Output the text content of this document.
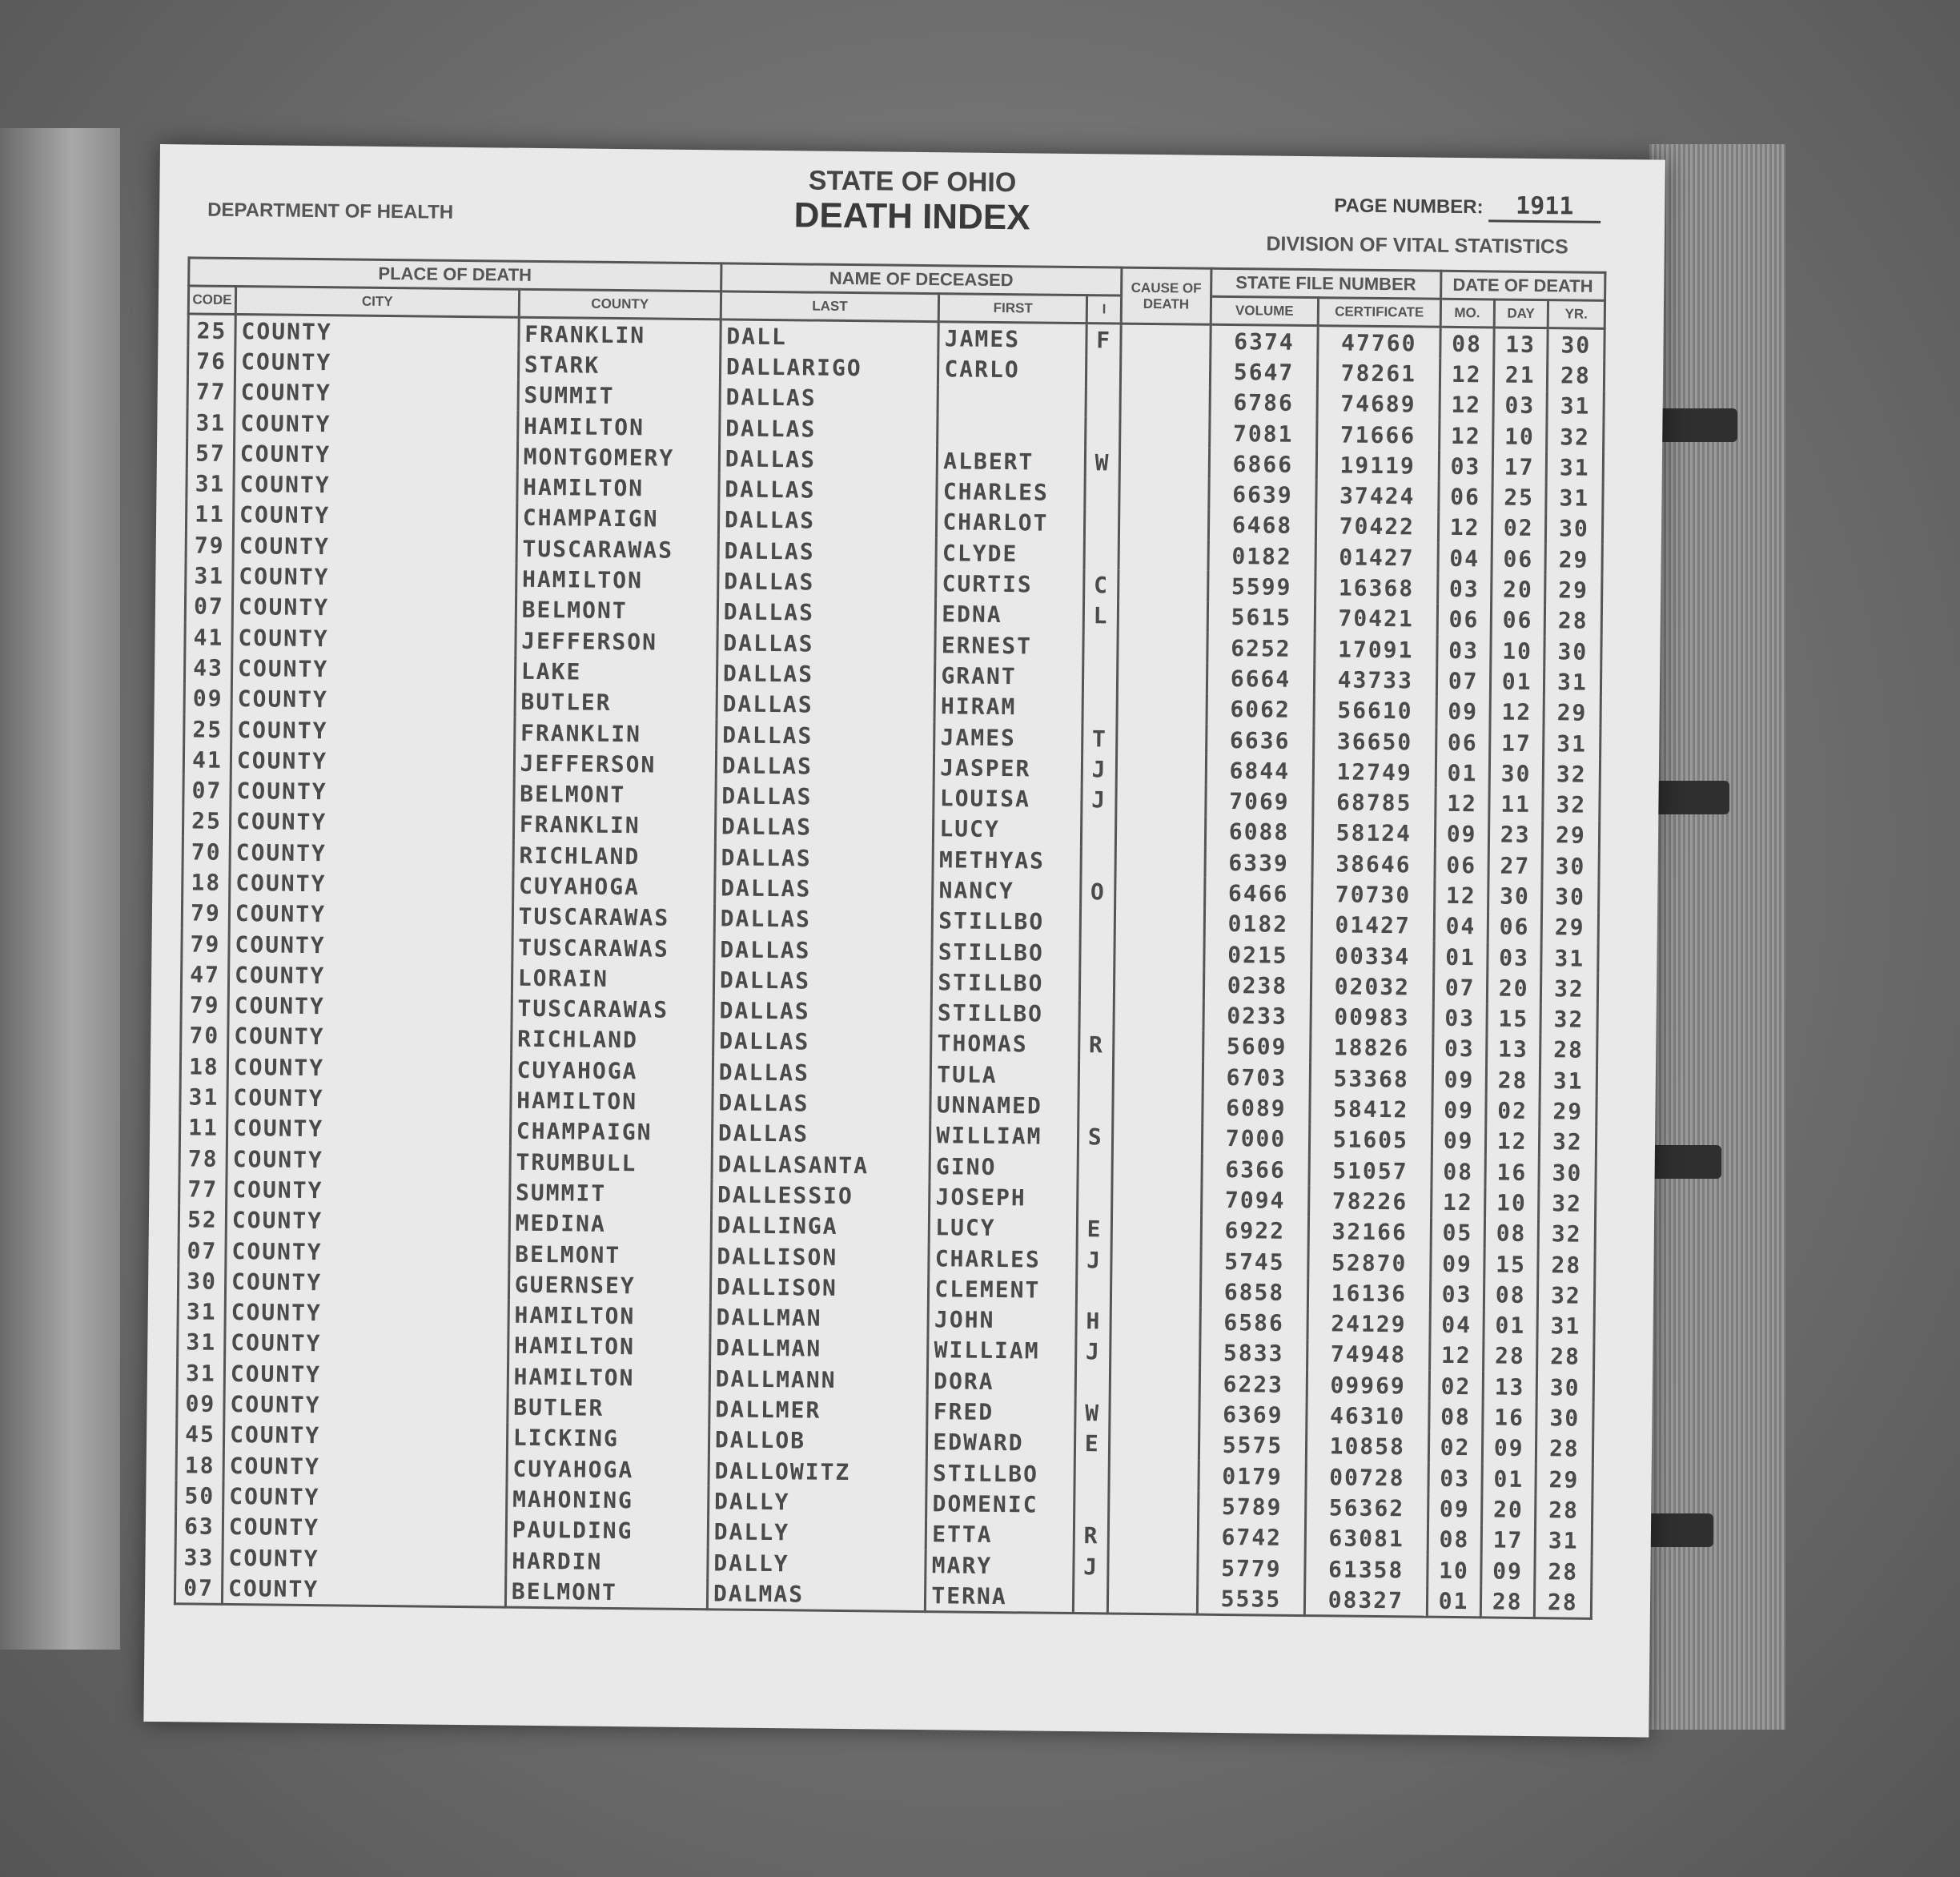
DEPARTMENT OF HEALTH
STATE OF OHIO
DEATH INDEX	PAGE NUMBER: 1911
DIVISION OF VITAL STATISTICS
PLACE OF DEATH			NAME OF DECEASED			CAUSE OF DEATH	STATE FILE NUMBER		DATE OF DEATH		
CODE	CITY	COUNTY	LAST	FIRST	I		VOLUME	CERTIFICATE	MO.	DAY	YR.
25	COUNTY	FRANKLIN	DALL	JAMES	F		6374	47760	08	13	30
76	COUNTY	STARK	DALLARIGO	CARLO			5647	78261	12	21	28
77	COUNTY	SUMMIT	DALLAS				6786	74689	12	03	31
31	COUNTY	HAMILTON	DALLAS				7081	71666	12	10	32
57	COUNTY	MONTGOMERY	DALLAS	ALBERT	W		6866	19119	03	17	31
31	COUNTY	HAMILTON	DALLAS	CHARLES			6639	37424	06	25	31
11	COUNTY	CHAMPAIGN	DALLAS	CHARLOT			6468	70422	12	02	30
79	COUNTY	TUSCARAWAS	DALLAS	CLYDE			0182	01427	04	06	29
31	COUNTY	HAMILTON	DALLAS	CURTIS	C		5599	16368	03	20	29
07	COUNTY	BELMONT	DALLAS	EDNA	L		5615	70421	06	06	28
41	COUNTY	JEFFERSON	DALLAS	ERNEST			6252	17091	03	10	30
43	COUNTY	LAKE	DALLAS	GRANT			6664	43733	07	01	31
09	COUNTY	BUTLER	DALLAS	HIRAM			6062	56610	09	12	29
25	COUNTY	FRANKLIN	DALLAS	JAMES	T		6636	36650	06	17	31
41	COUNTY	JEFFERSON	DALLAS	JASPER	J		6844	12749	01	30	32
07	COUNTY	BELMONT	DALLAS	LOUISA	J		7069	68785	12	11	32
25	COUNTY	FRANKLIN	DALLAS	LUCY			6088	58124	09	23	29
70	COUNTY	RICHLAND	DALLAS	METHYAS			6339	38646	06	27	30
18	COUNTY	CUYAHOGA	DALLAS	NANCY	O		6466	70730	12	30	30
79	COUNTY	TUSCARAWAS	DALLAS	STILLBO			0182	01427	04	06	29
79	COUNTY	TUSCARAWAS	DALLAS	STILLBO			0215	00334	01	03	31
47	COUNTY	LORAIN	DALLAS	STILLBO			0238	02032	07	20	32
79	COUNTY	TUSCARAWAS	DALLAS	STILLBO			0233	00983	03	15	32
70	COUNTY	RICHLAND	DALLAS	THOMAS	R		5609	18826	03	13	28
18	COUNTY	CUYAHOGA	DALLAS	TULA			6703	53368	09	28	31
31	COUNTY	HAMILTON	DALLAS	UNNAMED			6089	58412	09	02	29
11	COUNTY	CHAMPAIGN	DALLAS	WILLIAM	S		7000	51605	09	12	32
78	COUNTY	TRUMBULL	DALLASANTA	GINO			6366	51057	08	16	30
77	COUNTY	SUMMIT	DALLESSIO	JOSEPH			7094	78226	12	10	32
52	COUNTY	MEDINA	DALLINGA	LUCY	E		6922	32166	05	08	32
07	COUNTY	BELMONT	DALLISON	CHARLES	J		5745	52870	09	15	28
30	COUNTY	GUERNSEY	DALLISON	CLEMENT			6858	16136	03	08	32
31	COUNTY	HAMILTON	DALLMAN	JOHN	H		6586	24129	04	01	31
31	COUNTY	HAMILTON	DALLMAN	WILLIAM	J		5833	74948	12	28	28
31	COUNTY	HAMILTON	DALLMANN	DORA			6223	09969	02	13	30
09	COUNTY	BUTLER	DALLMER	FRED	W		6369	46310	08	16	30
45	COUNTY	LICKING	DALLOB	EDWARD	E		5575	10858	02	09	28
18	COUNTY	CUYAHOGA	DALLOWITZ	STILLBO			0179	00728	03	01	29
50	COUNTY	MAHONING	DALLY	DOMENIC			5789	56362	09	20	28
63	COUNTY	PAULDING	DALLY	ETTA	R		6742	63081	08	17	31
33	COUNTY	HARDIN	DALLY	MARY	J		5779	61358	10	09	28
07	COUNTY	BELMONT	DALMAS	TERNA			5535	08327	01	28	28
